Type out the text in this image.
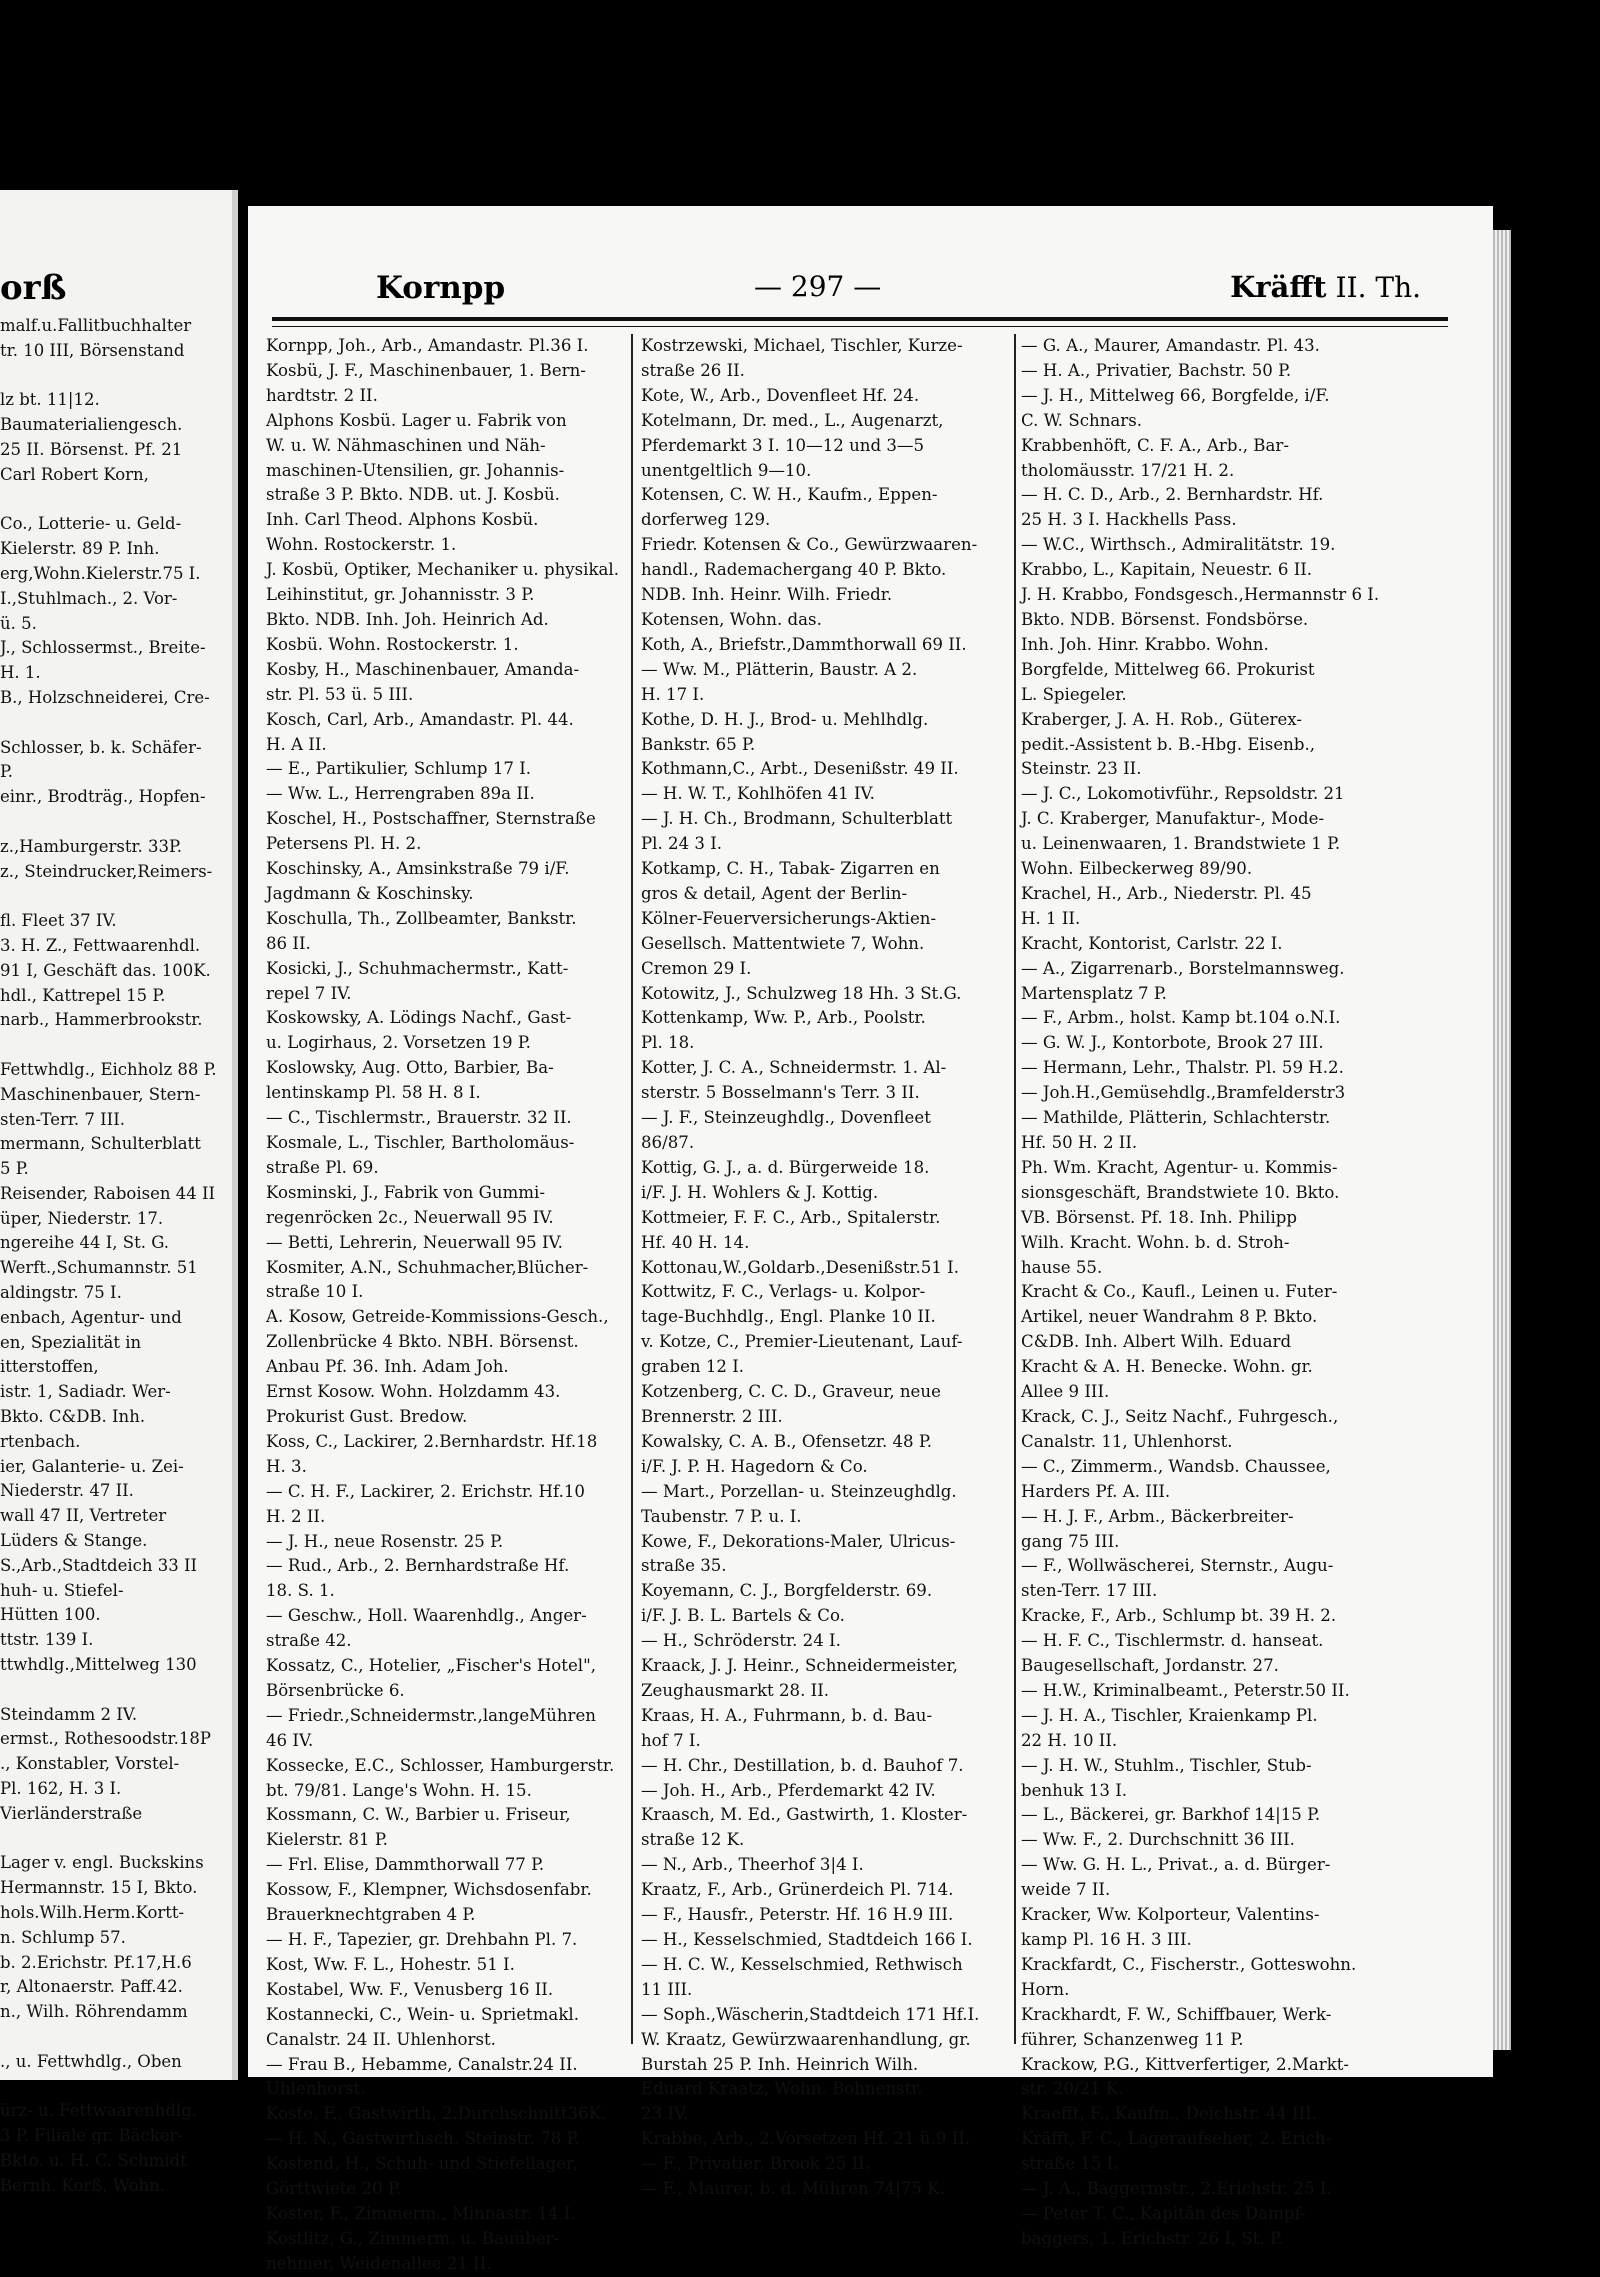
orß
malf.u.Fallitbuchhalter
tr. 10 III, Börsenstand

lz bt. 11|12.
Baumaterialiengesch.
25 II. Börsenst. Pf. 21
Carl Robert Korn,

Co., Lotterie- u. Geld-
Kielerstr. 89 P. Inh.
erg,Wohn.Kielerstr.75 I.
I.,Stuhlmach., 2. Vor-
ü. 5.
J., Schlossermst., Breite-
H. 1.
B., Holzschneiderei, Cre-

Schlosser, b. k. Schäfer-
P.
einr., Brodträg., Hopfen-

z.,Hamburgerstr. 33P.
z., Steindrucker,Reimers-

fl. Fleet 37 IV.
3. H. Z., Fettwaarenhdl.
91 I, Geschäft das. 100K.
hdl., Kattrepel 15 P.
narb., Hammerbrookstr.

Fettwhdlg., Eichholz 88 P.
Maschinenbauer, Stern-
sten-Terr. 7 III.
mermann, Schulterblatt
5 P.
Reisender, Raboisen 44 II
üper, Niederstr. 17.
ngereihe 44 I, St. G.
Werft.,Schumannstr. 51
aldingstr. 75 I.
enbach, Agentur- und
en, Spezialität in
itterstoffen,
istr. 1, Sadiadr. Wer-
Bkto. C&DB. Inh.
rtenbach.
ier, Galanterie- u. Zei-
Niederstr. 47 II.
wall 47 II, Vertreter
Lüders & Stange.
S.,Arb.,Stadtdeich 33 II
huh- u. Stiefel-
Hütten 100.
ttstr. 139 I.
ttwhdlg.,Mittelweg 130

Steindamm 2 IV.
ermst., Rothesoodstr.18P
., Konstabler, Vorstel-
Pl. 162, H. 3 I.
Vierländerstraße

Lager v. engl. Buckskins
Hermannstr. 15 I, Bkto.
hols.Wilh.Herm.Kortt-
n. Schlump 57.
b. 2.Erichstr. Pf.17,H.6
r, Altonaerstr. Paff.42.
n., Wilh. Röhrendamm

., u. Fettwhdlg., Oben

ürz- u. Fettwaarenhdlg.
3 P. Filiale gr. Bäcker-
Bkto. u. H. C. Schmidt
Bernh. Korß, Wohn.
Kornpp	— 297 —	Kräfft II. Th.
Kornpp, Joh., Arb., Amandastr. Pl.36 I.
Kosbü, J. F., Maschinenbauer, 1. Bern-
hardtstr. 2 II.
Alphons Kosbü. Lager u. Fabrik von
W. u. W. Nähmaschinen und Näh-
maschinen-Utensilien, gr. Johannis-
straße 3 P. Bkto. NDB. ut. J. Kosbü.
Inh. Carl Theod. Alphons Kosbü.
Wohn. Rostockerstr. 1.
J. Kosbü, Optiker, Mechaniker u. physikal.
Leihinstitut, gr. Johannisstr. 3 P.
Bkto. NDB. Inh. Joh. Heinrich Ad.
Kosbü. Wohn. Rostockerstr. 1.
Kosby, H., Maschinenbauer, Amanda-
str. Pl. 53 ü. 5 III.
Kosch, Carl, Arb., Amandastr. Pl. 44.
H. A II.
— E., Partikulier, Schlump 17 I.
— Ww. L., Herrengraben 89a II.
Koschel, H., Postschaffner, Sternstraße
Petersens Pl. H. 2.
Koschinsky, A., Amsinkstraße 79 i/F.
Jagdmann & Koschinsky.
Koschulla, Th., Zollbeamter, Bankstr.
86 II.
Kosicki, J., Schuhmachermstr., Katt-
repel 7 IV.
Koskowsky, A. Lödings Nachf., Gast-
u. Logirhaus, 2. Vorsetzen 19 P.
Koslowsky, Aug. Otto, Barbier, Ba-
lentinskamp Pl. 58 H. 8 I.
— C., Tischlermstr., Brauerstr. 32 II.
Kosmale, L., Tischler, Bartholomäus-
straße Pl. 69.
Kosminski, J., Fabrik von Gummi-
regenröcken 2c., Neuerwall 95 IV.
— Betti, Lehrerin, Neuerwall 95 IV.
Kosmiter, A.N., Schuhmacher,Blücher-
straße 10 I.
A. Kosow, Getreide-Kommissions-Gesch.,
Zollenbrücke 4 Bkto. NBH. Börsenst.
Anbau Pf. 36. Inh. Adam Joh.
Ernst Kosow. Wohn. Holzdamm 43.
Prokurist Gust. Bredow.
Koss, C., Lackirer, 2.Bernhardstr. Hf.18
H. 3.
— C. H. F., Lackirer, 2. Erichstr. Hf.10
H. 2 II.
— J. H., neue Rosenstr. 25 P.
— Rud., Arb., 2. Bernhardstraße Hf.
18. S. 1.
— Geschw., Holl. Waarenhdlg., Anger-
straße 42.
Kossatz, C., Hotelier, „Fischer's Hotel",
Börsenbrücke 6.
— Friedr.,Schneidermstr.,langeMühren
46 IV.
Kossecke, E.C., Schlosser, Hamburgerstr.
bt. 79/81. Lange's Wohn. H. 15.
Kossmann, C. W., Barbier u. Friseur,
Kielerstr. 81 P.
— Frl. Elise, Dammthorwall 77 P.
Kossow, F., Klempner, Wichsdosenfabr.
Brauerknechtgraben 4 P.
— H. F., Tapezier, gr. Drehbahn Pl. 7.
Kost, Ww. F. L., Hohestr. 51 I.
Kostabel, Ww. F., Venusberg 16 II.
Kostannecki, C., Wein- u. Sprietmakl.
Canalstr. 24 II. Uhlenhorst.
— Frau B., Hebamme, Canalstr.24 II.
Uhlenhorst.
Koste, F., Gastwirth, 2.Durchschnitt36K.
— H. N., Gastwirthsch. Steinstr. 78 P.
Kostend, H., Schuh- und Stiefellager,
Görttwiete 20 P.
Koster, F., Zimmerm., Minnastr. 14 I.
Kostlitz, G., Zimmerm. u. Bauüber-
nehmer, Weidenallee 21 II.
Kostrzewski, Michael, Tischler, Kurze-
straße 26 II.
Kote, W., Arb., Dovenfleet Hf. 24.
Kotelmann, Dr. med., L., Augenarzt,
Pferdemarkt 3 I. 10—12 und 3—5
unentgeltlich 9—10.
Kotensen, C. W. H., Kaufm., Eppen-
dorferweg 129.
Friedr. Kotensen & Co., Gewürzwaaren-
handl., Rademachergang 40 P. Bkto.
NDB. Inh. Heinr. Wilh. Friedr.
Kotensen, Wohn. das.
Koth, A., Briefstr.,Dammthorwall 69 II.
— Ww. M., Plätterin, Baustr. A 2.
H. 17 I.
Kothe, D. H. J., Brod- u. Mehlhdlg.
Bankstr. 65 P.
Kothmann,C., Arbt., Desenißstr. 49 II.
— H. W. T., Kohlhöfen 41 IV.
— J. H. Ch., Brodmann, Schulterblatt
Pl. 24 3 I.
Kotkamp, C. H., Tabak- Zigarren en
gros & detail, Agent der Berlin-
Kölner-Feuerversicherungs-Aktien-
Gesellsch. Mattentwiete 7, Wohn.
Cremon 29 I.
Kotowitz, J., Schulzweg 18 Hh. 3 St.G.
Kottenkamp, Ww. P., Arb., Poolstr.
Pl. 18.
Kotter, J. C. A., Schneidermstr. 1. Al-
sterstr. 5 Bosselmann's Terr. 3 II.
— J. F., Steinzeughdlg., Dovenfleet
86/87.
Kottig, G. J., a. d. Bürgerweide 18.
i/F. J. H. Wohlers & J. Kottig.
Kottmeier, F. F. C., Arb., Spitalerstr.
Hf. 40 H. 14.
Kottonau,W.,Goldarb.,Desenißstr.51 I.
Kottwitz, F. C., Verlags- u. Kolpor-
tage-Buchhdlg., Engl. Planke 10 II.
v. Kotze, C., Premier-Lieutenant, Lauf-
graben 12 I.
Kotzenberg, C. C. D., Graveur, neue
Brennerstr. 2 III.
Kowalsky, C. A. B., Ofensetzr. 48 P.
i/F. J. P. H. Hagedorn & Co.
— Mart., Porzellan- u. Steinzeughdlg.
Taubenstr. 7 P. u. I.
Kowe, F., Dekorations-Maler, Ulricus-
straße 35.
Koyemann, C. J., Borgfelderstr. 69.
i/F. J. B. L. Bartels & Co.
— H., Schröderstr. 24 I.
Kraack, J. J. Heinr., Schneidermeister,
Zeughausmarkt 28. II.
Kraas, H. A., Fuhrmann, b. d. Bau-
hof 7 I.
— H. Chr., Destillation, b. d. Bauhof 7.
— Joh. H., Arb., Pferdemarkt 42 IV.
Kraasch, M. Ed., Gastwirth, 1. Kloster-
straße 12 K.
— N., Arb., Theerhof 3|4 I.
Kraatz, F., Arb., Grünerdeich Pl. 714.
— F., Hausfr., Peterstr. Hf. 16 H.9 III.
— H., Kesselschmied, Stadtdeich 166 I.
— H. C. W., Kesselschmied, Rethwisch
11 III.
— Soph.,Wäscherin,Stadtdeich 171 Hf.I.
W. Kraatz, Gewürzwaarenhandlung, gr.
Burstah 25 P. Inh. Heinrich Wilh.
Eduard Kraatz, Wohn. Bohnenstr.
23 IV.
Krabbe, Arb., 2.Vorsetzen Hf. 21 ü.9 II.
— F., Privatier, Brook 25 II.
— F., Maurer, b. d. Mühren 74|75 K.
— G. A., Maurer, Amandastr. Pl. 43.
— H. A., Privatier, Bachstr. 50 P.
— J. H., Mittelweg 66, Borgfelde, i/F.
C. W. Schnars.
Krabbenhöft, C. F. A., Arb., Bar-
tholomäusstr. 17/21 H. 2.
— H. C. D., Arb., 2. Bernhardstr. Hf.
25 H. 3 I. Hackhells Pass.
— W.C., Wirthsch., Admiralitätstr. 19.
Krabbo, L., Kapitain, Neuestr. 6 II.
J. H. Krabbo, Fondsgesch.,Hermannstr 6 I.
Bkto. NDB. Börsenst. Fondsbörse.
Inh. Joh. Hinr. Krabbo. Wohn.
Borgfelde, Mittelweg 66. Prokurist
L. Spiegeler.
Kraberger, J. A. H. Rob., Güterex-
pedit.-Assistent b. B.-Hbg. Eisenb.,
Steinstr. 23 II.
— J. C., Lokomotivführ., Repsoldstr. 21
J. C. Kraberger, Manufaktur-, Mode-
u. Leinenwaaren, 1. Brandstwiete 1 P.
Wohn. Eilbeckerweg 89/90.
Krachel, H., Arb., Niederstr. Pl. 45
H. 1 II.
Kracht, Kontorist, Carlstr. 22 I.
— A., Zigarrenarb., Borstelmannsweg.
Martensplatz 7 P.
— F., Arbm., holst. Kamp bt.104 o.N.I.
— G. W. J., Kontorbote, Brook 27 III.
— Hermann, Lehr., Thalstr. Pl. 59 H.2.
— Joh.H.,Gemüsehdlg.,Bramfelderstr3
— Mathilde, Plätterin, Schlachterstr.
Hf. 50 H. 2 II.
Ph. Wm. Kracht, Agentur- u. Kommis-
sionsgeschäft, Brandstwiete 10. Bkto.
VB. Börsenst. Pf. 18. Inh. Philipp
Wilh. Kracht. Wohn. b. d. Stroh-
hause 55.
Kracht & Co., Kaufl., Leinen u. Futer-
Artikel, neuer Wandrahm 8 P. Bkto.
C&DB. Inh. Albert Wilh. Eduard
Kracht & A. H. Benecke. Wohn. gr.
Allee 9 III.
Krack, C. J., Seitz Nachf., Fuhrgesch.,
Canalstr. 11, Uhlenhorst.
— C., Zimmerm., Wandsb. Chaussee,
Harders Pf. A. III.
— H. J. F., Arbm., Bäckerbreiter-
gang 75 III.
— F., Wollwäscherei, Sternstr., Augu-
sten-Terr. 17 III.
Kracke, F., Arb., Schlump bt. 39 H. 2.
— H. F. C., Tischlermstr. d. hanseat.
Baugesellschaft, Jordanstr. 27.
— H.W., Kriminalbeamt., Peterstr.50 II.
— J. H. A., Tischler, Kraienkamp Pl.
22 H. 10 II.
— J. H. W., Stuhlm., Tischler, Stub-
benhuk 13 I.
— L., Bäckerei, gr. Barkhof 14|15 P.
— Ww. F., 2. Durchschnitt 36 III.
— Ww. G. H. L., Privat., a. d. Bürger-
weide 7 II.
Kracker, Ww. Kolporteur, Valentins-
kamp Pl. 16 H. 3 III.
Krackfardt, C., Fischerstr., Gotteswohn.
Horn.
Krackhardt, F. W., Schiffbauer, Werk-
führer, Schanzenweg 11 P.
Krackow, P.G., Kittverfertiger, 2.Markt-
str. 20/21 K.
Kraefft, F., Kaufm., Deichstr. 44 III.
Kräfft, F. C., Lageraufseher, 2. Erich-
straße 15 I.
— J. A., Baggermstr., 2.Erichstr. 25 I.
— Peter T. C., Kapitän des Dampf-
baggers, 1. Erichstr. 26 I, St. P.
